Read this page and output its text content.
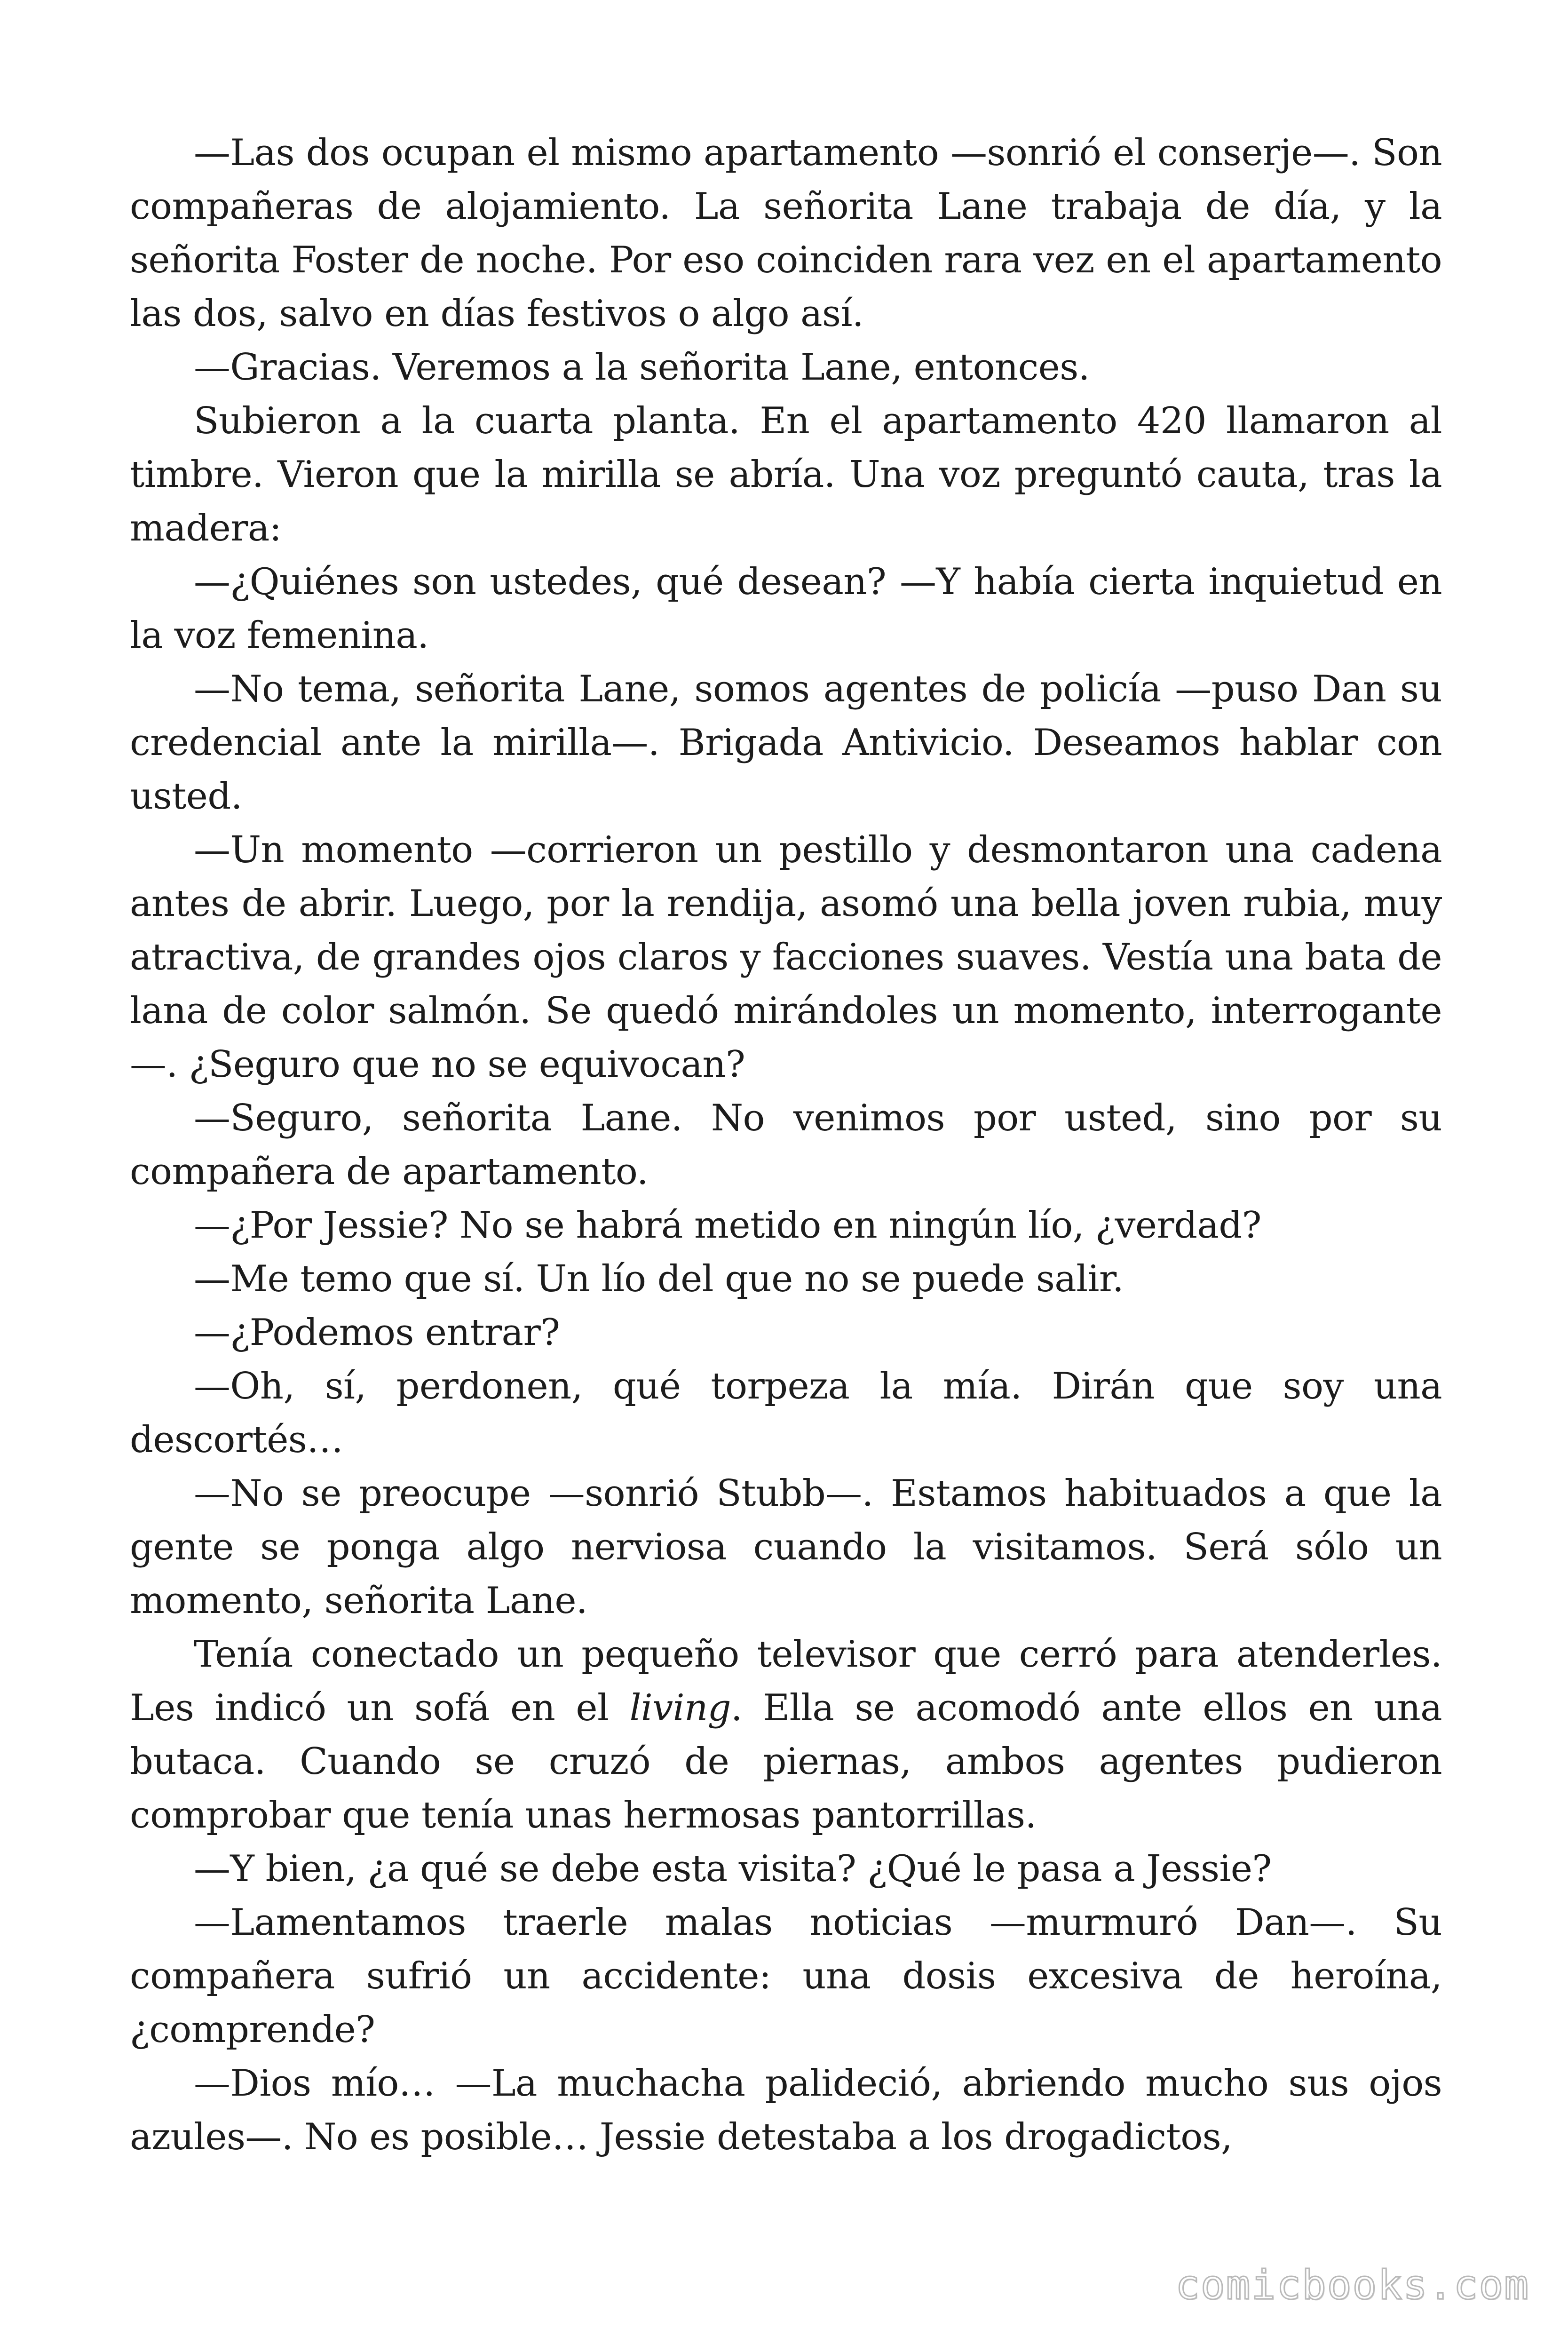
—Las dos ocupan el mismo apartamento —sonrió el conserje—. Son compañeras de alojamiento. La señorita Lane trabaja de día, y la señorita Foster de noche. Por eso coinciden rara vez en el apartamento las dos, salvo en días festivos o algo así.

—Gracias. Veremos a la señorita Lane, entonces.

Subieron a la cuarta planta. En el apartamento 420 llamaron al timbre. Vieron que la mirilla se abría. Una voz preguntó cauta, tras la madera:

—¿Quiénes son ustedes, qué desean? —Y había cierta inquietud en la voz femenina.

—No tema, señorita Lane, somos agentes de policía —puso Dan su credencial ante la mirilla—. Brigada Antivicio. Deseamos hablar con usted.

—Un momento —corrieron un pestillo y desmontaron una cadena antes de abrir. Luego, por la rendija, asomó una bella joven rubia, muy atractiva, de grandes ojos claros y facciones suaves. Vestía una bata de lana de color salmón. Se quedó mirándoles un momento, interrogante—. ¿Seguro que no se equivocan?

—Seguro, señorita Lane. No venimos por usted, sino por su compañera de apartamento.

—¿Por Jessie? No se habrá metido en ningún lío, ¿verdad?

—Me temo que sí. Un lío del que no se puede salir.

—¿Podemos entrar?

—Oh, sí, perdonen, qué torpeza la mía. Dirán que soy una descortés…

—No se preocupe —sonrió Stubb—. Estamos habituados a que la gente se ponga algo nerviosa cuando la visitamos. Será sólo un momento, señorita Lane.

Tenía conectado un pequeño televisor que cerró para atenderles. Les indicó un sofá en el living. Ella se acomodó ante ellos en una butaca. Cuando se cruzó de piernas, ambos agentes pudieron comprobar que tenía unas hermosas pantorrillas.

—Y bien, ¿a qué se debe esta visita? ¿Qué le pasa a Jessie?

—Lamentamos traerle malas noticias —murmuró Dan—. Su compañera sufrió un accidente: una dosis excesiva de heroína, ¿comprende?

—Dios mío… —La muchacha palideció, abriendo mucho sus ojos azules—. No es posible… Jessie detestaba a los drogadictos,

comicbooks.com
